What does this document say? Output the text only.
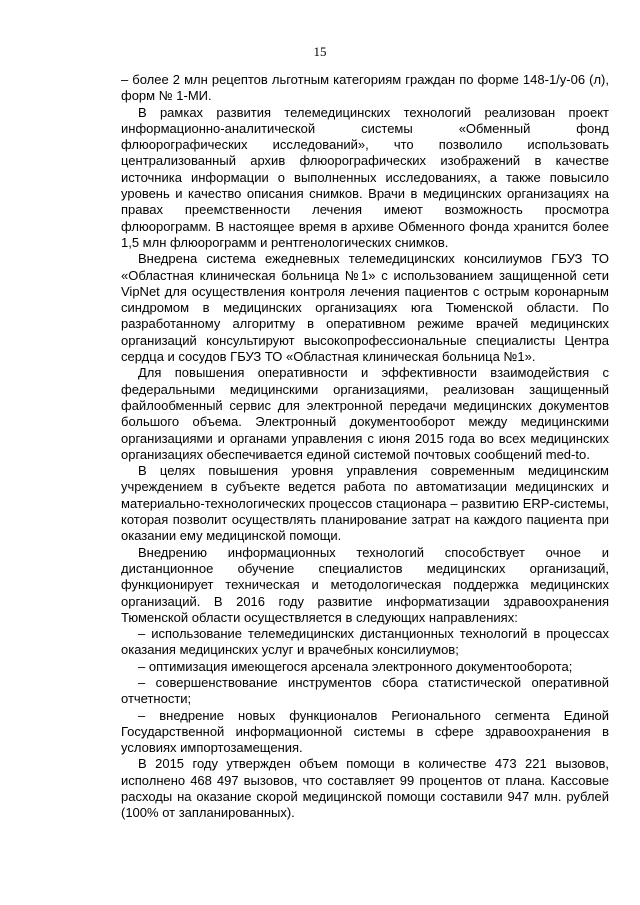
15

– более 2 млн рецептов льготным категориям граждан по форме 148-1/у-06 (л), форм № 1-МИ.

В рамках развития телемедицинских технологий реализован проект информационно-аналитической системы «Обменный фонд флюорографических исследований», что позволило использовать централизованный архив флюорографических изображений в качестве источника информации о выполненных исследованиях, а также повысило уровень и качество описания снимков. Врачи в медицинских организациях на правах преемственности лечения имеют возможность просмотра флюорограмм. В настоящее время в архиве Обменного фонда хранится более 1,5 млн флюорограмм и рентгенологических снимков.

Внедрена система ежедневных телемедицинских консилиумов ГБУЗ ТО «Областная клиническая больница №1» с использованием защищенной сети VipNet для осуществления контроля лечения пациентов с острым коронарным синдромом в медицинских организациях юга Тюменской области. По разработанному алгоритму в оперативном режиме врачей медицинских организаций консультируют высокопрофессиональные специалисты Центра сердца и сосудов ГБУЗ ТО «Областная клиническая больница №1».

Для повышения оперативности и эффективности взаимодействия с федеральными медицинскими организациями, реализован защищенный файлообменный сервис для электронной передачи медицинских документов большого объема. Электронный документооборот между медицинскими организациями и органами управления с июня 2015 года во всех медицинских организациях обеспечивается единой системой почтовых сообщений med-to.

В целях повышения уровня управления современным медицинским учреждением в субъекте ведется работа по автоматизации медицинских и материально-технологических процессов стационара – развитию ERP-системы, которая позволит осуществлять планирование затрат на каждого пациента при оказании ему медицинской помощи.

Внедрению информационных технологий способствует очное и дистанционное обучение специалистов медицинских организаций, функционирует техническая и методологическая поддержка медицинских организаций. В 2016 году развитие информатизации здравоохранения Тюменской области осуществляется в следующих направлениях:

– использование телемедицинских дистанционных технологий в процессах оказания медицинских услуг и врачебных консилиумов;

– оптимизация имеющегося арсенала электронного документооборота;

– совершенствование инструментов сбора статистической оперативной отчетности;

– внедрение новых функционалов Регионального сегмента Единой Государственной информационной системы в сфере здравоохранения в условиях импортозамещения.

В 2015 году утвержден объем помощи в количестве 473 221 вызовов, исполнено 468 497 вызовов, что составляет 99 процентов от плана. Кассовые расходы на оказание скорой медицинской помощи составили 947 млн. рублей (100% от запланированных).
